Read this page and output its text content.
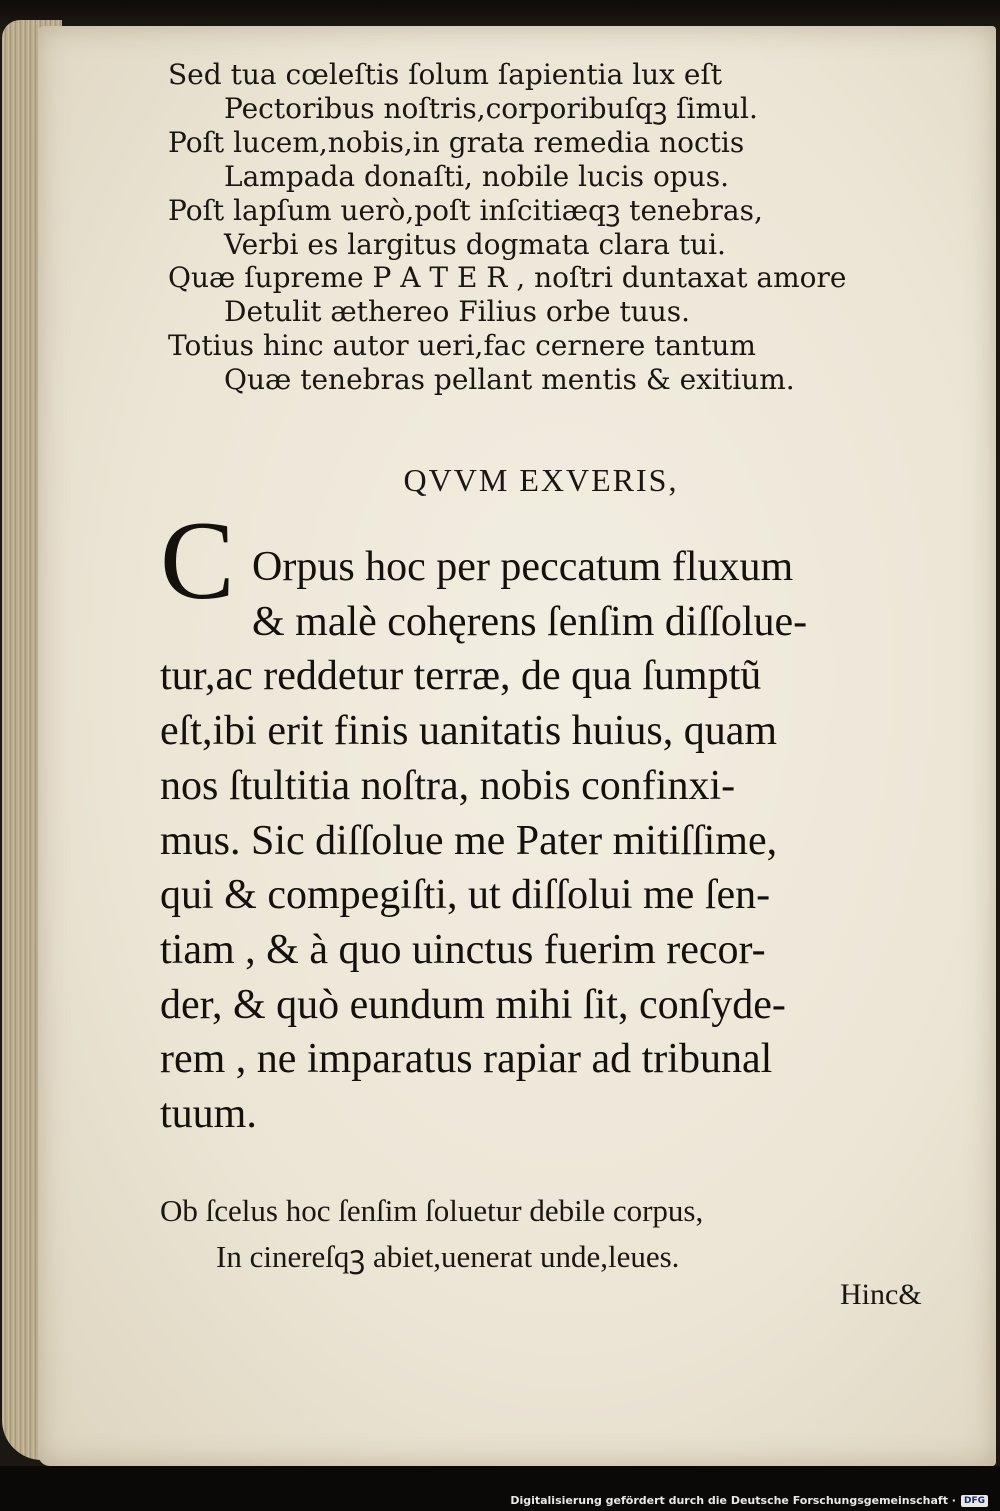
Sed tua cœleſtis ſolum ſapientia lux eſt
Pectoribus noſtris,corporibuſqꝫ ſimul.
Poſt lucem,nobis,in grata remedia noctis
Lampada donaſti, nobile lucis opus.
Poſt lapſum uerò,poſt inſcitiæqꝫ tenebras,
Verbi es largitus dogmata clara tui.
Quæ ſupreme P A T E R , noſtri duntaxat amore
Detulit æthereo Filius orbe tuus.
Totius hinc autor ueri,fac cernere tantum
Quæ tenebras pellant mentis & exitium.
QVVM EXVERIS,
C Orpus hoc per peccatum fluxum
& malè cohęrens ſenſim diſſolue-
tur,ac reddetur terræ, de qua ſumptũ
eſt,ibi erit finis uanitatis huius, quam
nos ſtultitia noſtra, nobis confinxi-
mus. Sic diſſolue me Pater mitiſſime,
qui & compegiſti, ut diſſolui me ſen-
tiam , & à quo uinctus fuerim recor-
der, & quò eundum mihi ſit, conſyde-
rem , ne imparatus rapiar ad tribunal
tuum.
Ob ſcelus hoc ſenſim ſoluetur debile corpus,
In cinereſqꝫ abiet,uenerat unde,leues.
Hinc&
Digitalisierung gefördert durch die Deutsche Forschungsgemeinschaft · DFG
